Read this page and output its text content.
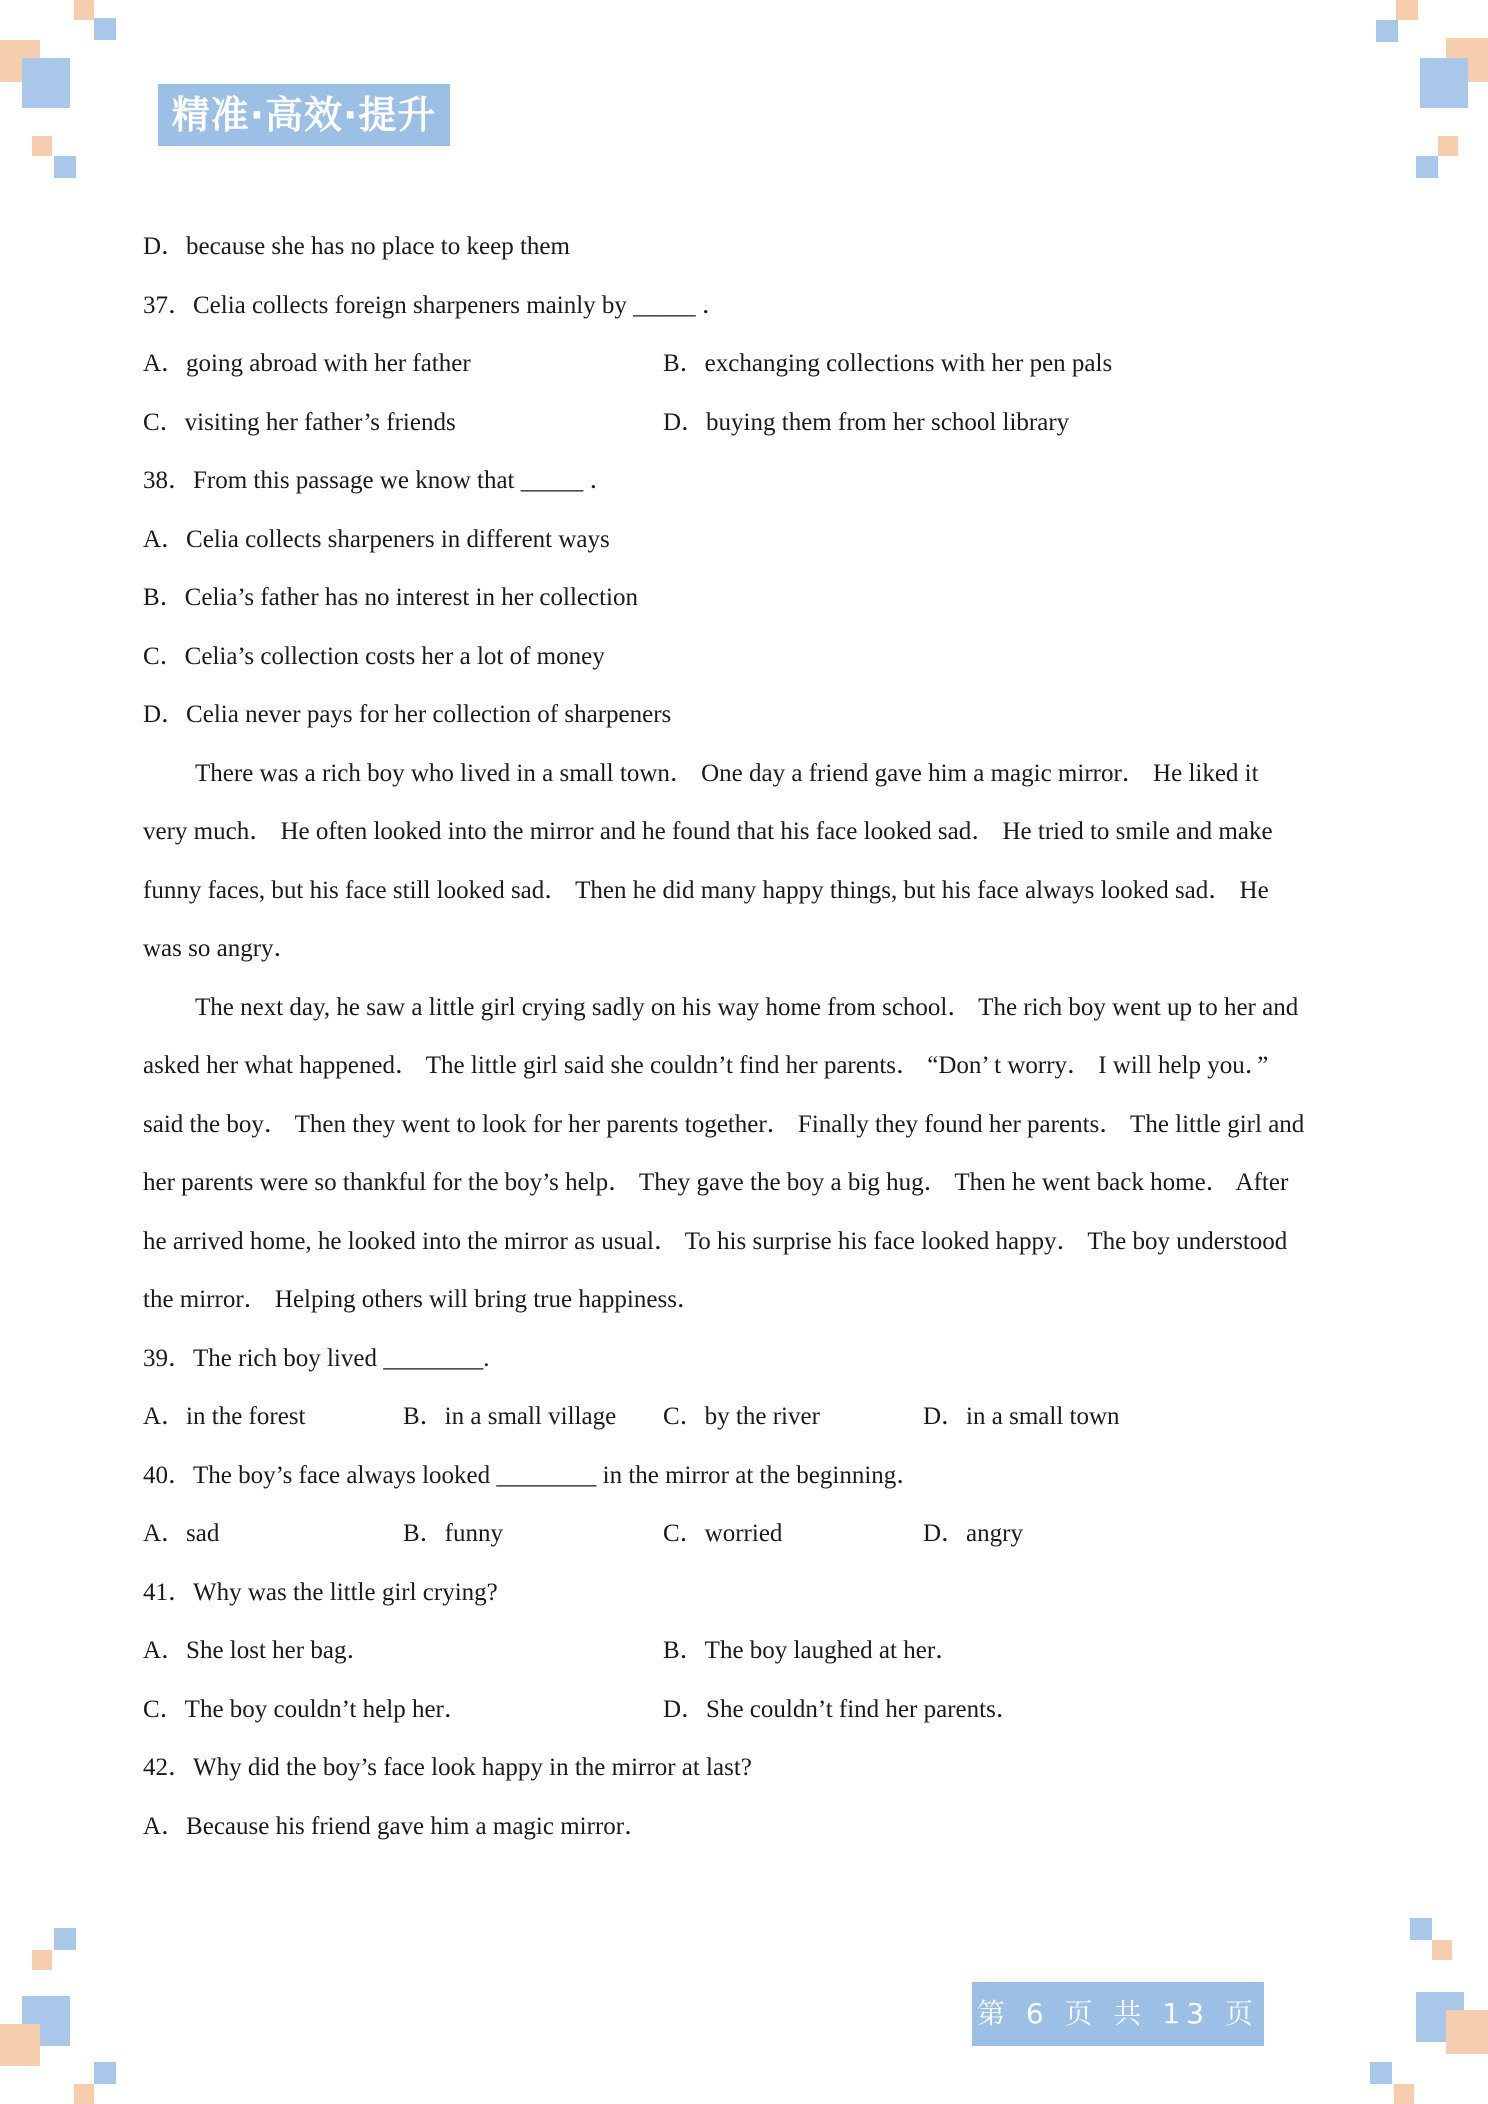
精准·高效·提升
D．because she has no place to keep them
37．Celia collects foreign sharpeners mainly by _____ ．
A．going abroad with her father	B．exchanging collections with her pen pals
C．visiting her father’s friends	D．buying them from her school library
38．From this passage we know that _____ ．
A．Celia collects sharpeners in different ways
B．Celia’s father has no interest in her collection
C．Celia’s collection costs her a lot of money
D．Celia never pays for her collection of sharpeners
There was a rich boy who lived in a small town． One day a friend gave him a magic mirror． He liked it
very much． He often looked into the mirror and he found that his face looked sad． He tried to smile and make
funny faces, but his face still looked sad． Then he did many happy things, but his face always looked sad． He
was so angry．
The next day, he saw a little girl crying sadly on his way home from school． The rich boy went up to her and
asked her what happened． The little girl said she couldn’t find her parents． “Don’ t worry． I will help you．”
said the boy． Then they went to look for her parents together． Finally they found her parents． The little girl and
her parents were so thankful for the boy’s help． They gave the boy a big hug． Then he went back home． After
he arrived home, he looked into the mirror as usual． To his surprise his face looked happy． The boy understood
the mirror． Helping others will bring true happiness．
39．The rich boy lived ________.
A．in the forest	B．in a small village C．by the river	D．in a small town
40．The boy’s face always looked ________ in the mirror at the beginning．
A．sad	B．funny	C．worried	D．angry
41．Why was the little girl crying?
A．She lost her bag．	B．The boy laughed at her．
C．The boy couldn’t help her．	D．She couldn’t find her parents．
42．Why did the boy’s face look happy in the mirror at last?
A．Because his friend gave him a magic mirror．
第 6 页 共 13 页
